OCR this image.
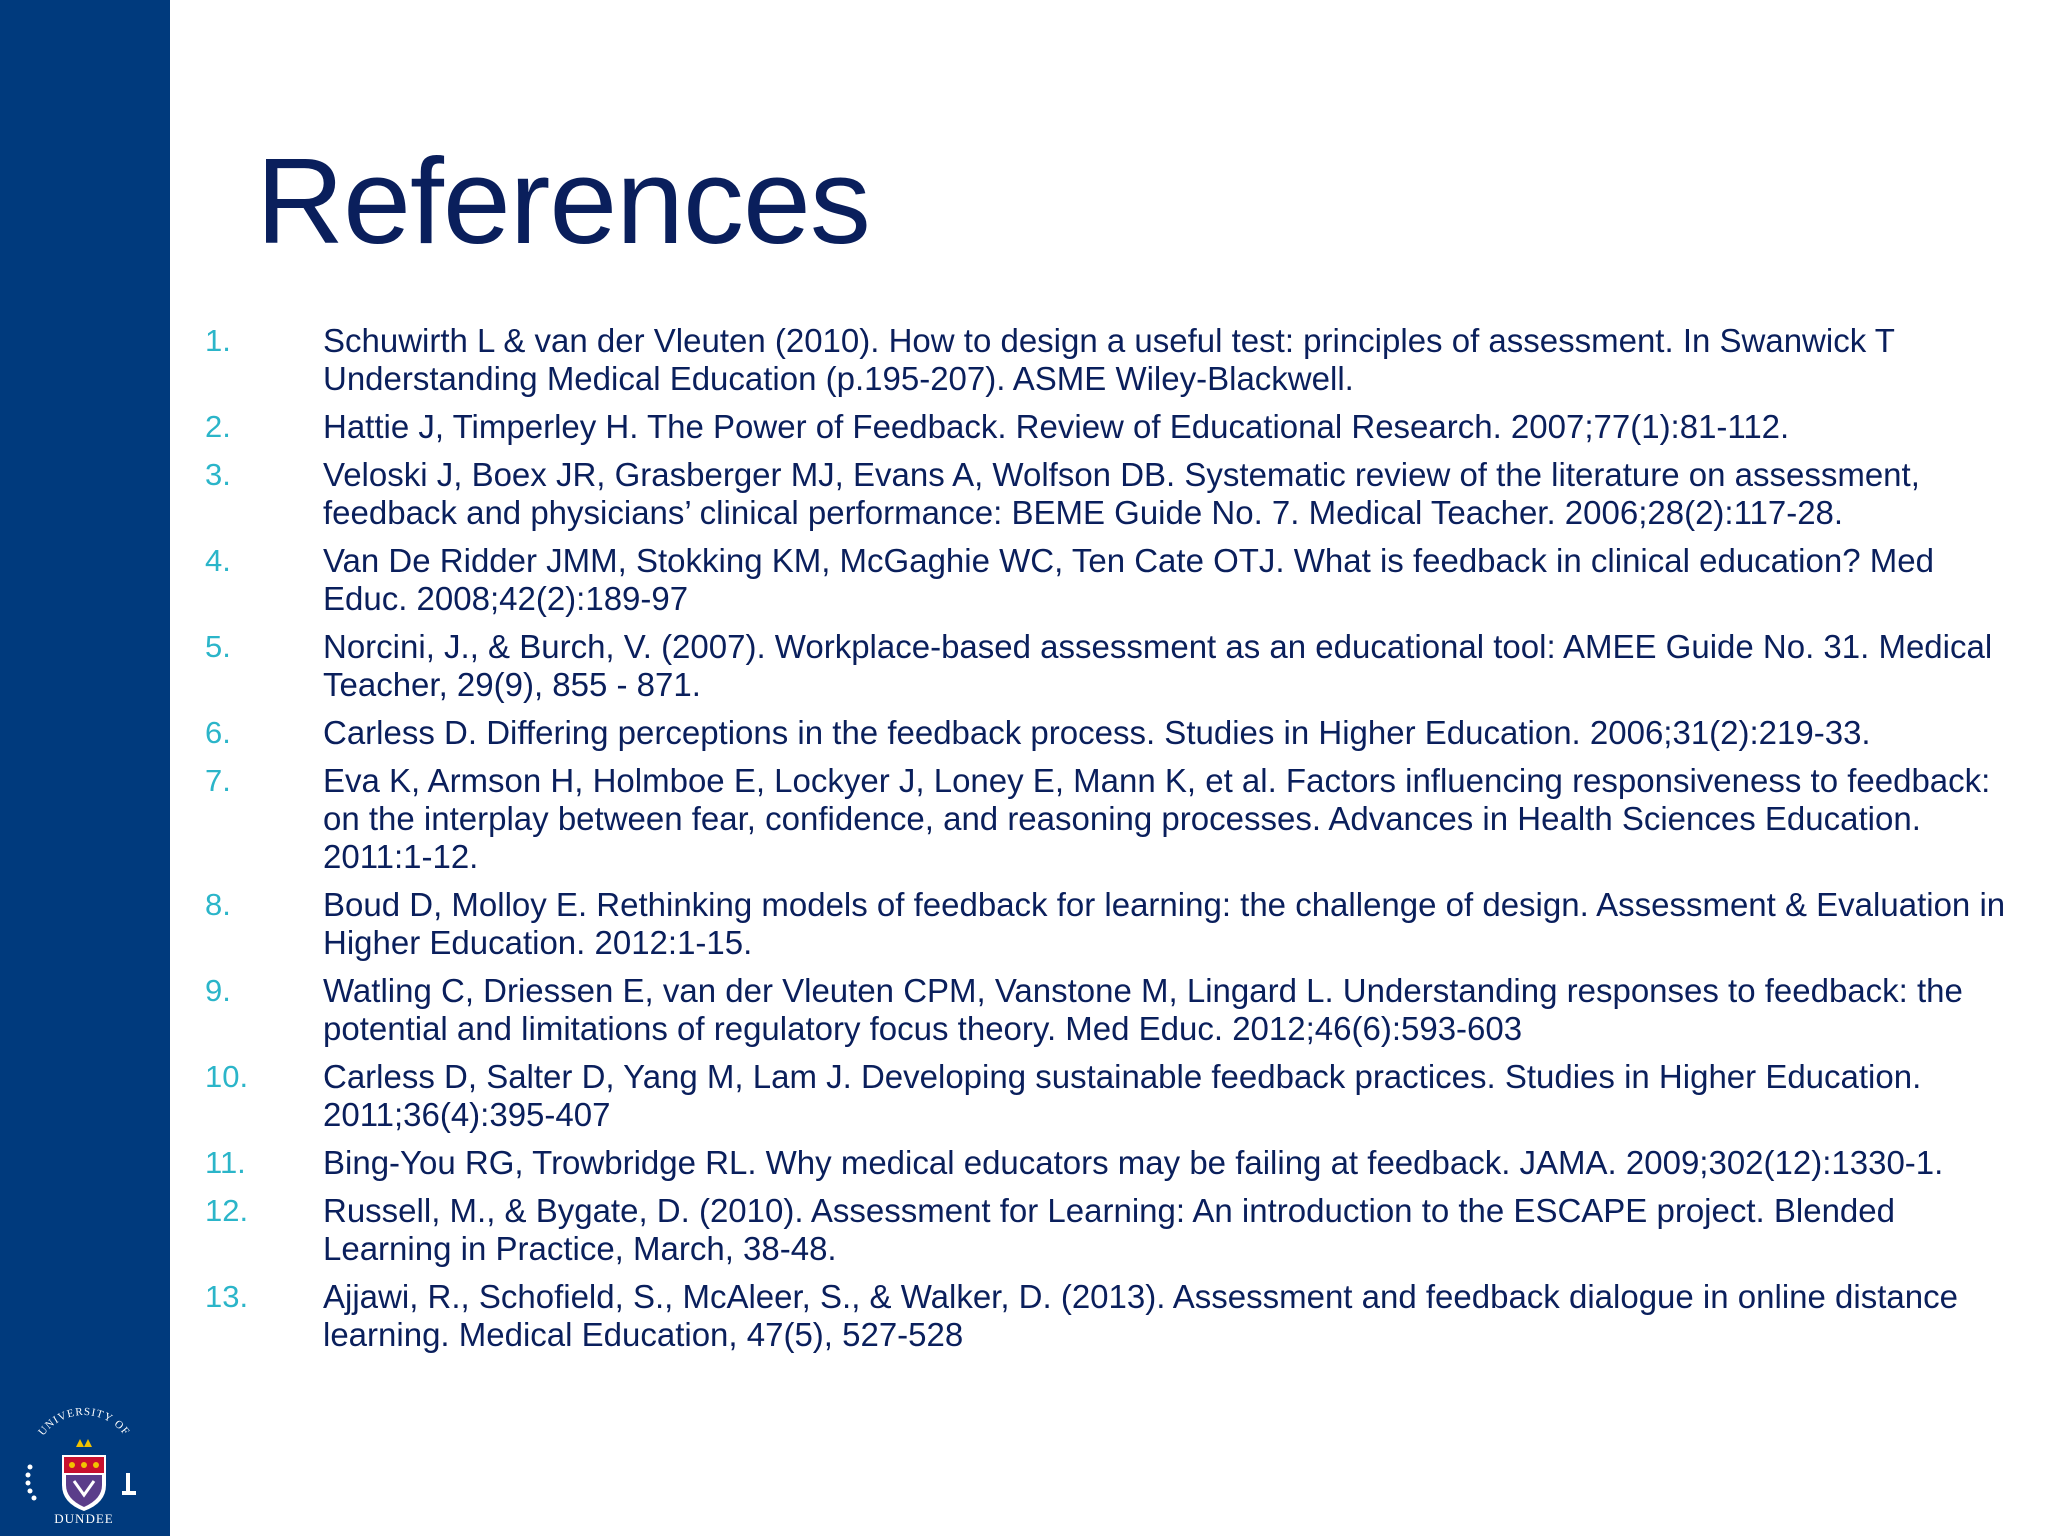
UNIVERSITY OF
DUNDEE
References
1.	Schuwirth L & van der Vleuten (2010). How to design a useful test: principles of assessment. In Swanwick T Understanding Medical Education (p.195-207). ASME Wiley-Blackwell.
2.	Hattie J, Timperley H. The Power of Feedback. Review of Educational Research. 2007;77(1):81-112.
3.	Veloski J, Boex JR, Grasberger MJ, Evans A, Wolfson DB. Systematic review of the literature on assessment, feedback and physicians’ clinical performance: BEME Guide No. 7. Medical Teacher. 2006;28(2):117-28.
4.	Van De Ridder JMM, Stokking KM, McGaghie WC, Ten Cate OTJ. What is feedback in clinical education? Med Educ. 2008;42(2):189-97
5.	Norcini, J., & Burch, V. (2007). Workplace-based assessment as an educational tool: AMEE Guide No. 31. Medical Teacher, 29(9), 855 - 871.
6.	Carless D. Differing perceptions in the feedback process. Studies in Higher Education. 2006;31(2):219-33.
7.	Eva K, Armson H, Holmboe E, Lockyer J, Loney E, Mann K, et al. Factors influencing responsiveness to feedback: on the interplay between fear, confidence, and reasoning processes. Advances in Health Sciences Education. 2011:1-12.
8.	Boud D, Molloy E. Rethinking models of feedback for learning: the challenge of design. Assessment & Evaluation in Higher Education. 2012:1-15.
9.	Watling C, Driessen E, van der Vleuten CPM, Vanstone M, Lingard L. Understanding responses to feedback: the potential and limitations of regulatory focus theory. Med Educ. 2012;46(6):593-603
10.	Carless D, Salter D, Yang M, Lam J. Developing sustainable feedback practices. Studies in Higher Education. 2011;36(4):395-407
11.	Bing-You RG, Trowbridge RL. Why medical educators may be failing at feedback. JAMA. 2009;302(12):1330-1.
12.	Russell, M., & Bygate, D. (2010). Assessment for Learning: An introduction to the ESCAPE project. Blended Learning in Practice, March, 38-48.
13.	Ajjawi, R., Schofield, S., McAleer, S., & Walker, D. (2013). Assessment and feedback dialogue in online distance learning. Medical Education, 47(5), 527-528
